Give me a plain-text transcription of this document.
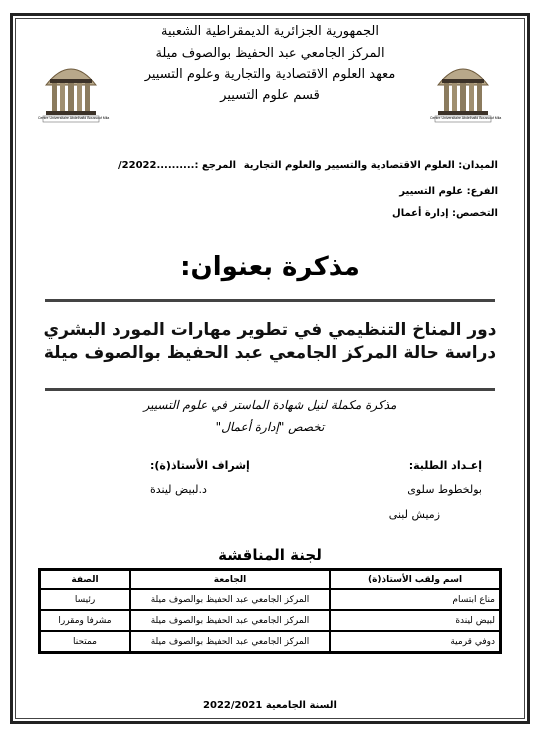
Centre Universitaire Abdelhafid Boussouf Mila	Centre Universitaire Abdelhafid Boussouf Mila
الجمهورية الجزائرية الديمقراطية الشعبية
المركز الجامعي عبد الحفيظ بوالصوف ميلة
معهد العلوم الاقتصادية والتجارية وعلوم التسيير
قسم علوم التسيير
الميدان: العلوم الاقتصادية والتسيير والعلوم التجارية
المرجع :..........22022/
الفرع: علوم التسيير
التخصص: إدارة أعمال
مذكرة بعنوان:
دور المناخ التنظيمي في تطوير مهارات المورد البشري
دراسة حالة المركز الجامعي عبد الحفيظ بوالصوف ميلة
مذكرة مكملة لنيل شهادة الماستر في علوم التسيير
تخصص "إدارة أعمال"
إعـداد الطلبة:
بولخطوط سلوى
زميش لبنى
إشراف الأستاذ(ة):
د.لبيض ليندة
لجنة المناقشة
اسم ولقب الأستاذ(ة)	الجامعة	الصفة
مناع ابتسام	المركز الجامعي عبد الحفيظ بوالصوف ميلة	رئيسا
لبيض ليندة	المركز الجامعي عبد الحفيظ بوالصوف ميلة	مشرفا ومقررا
دوفي قرمية	المركز الجامعي عبد الحفيظ بوالصوف ميلة	ممتحنا
السنة الجامعية 2022/2021
